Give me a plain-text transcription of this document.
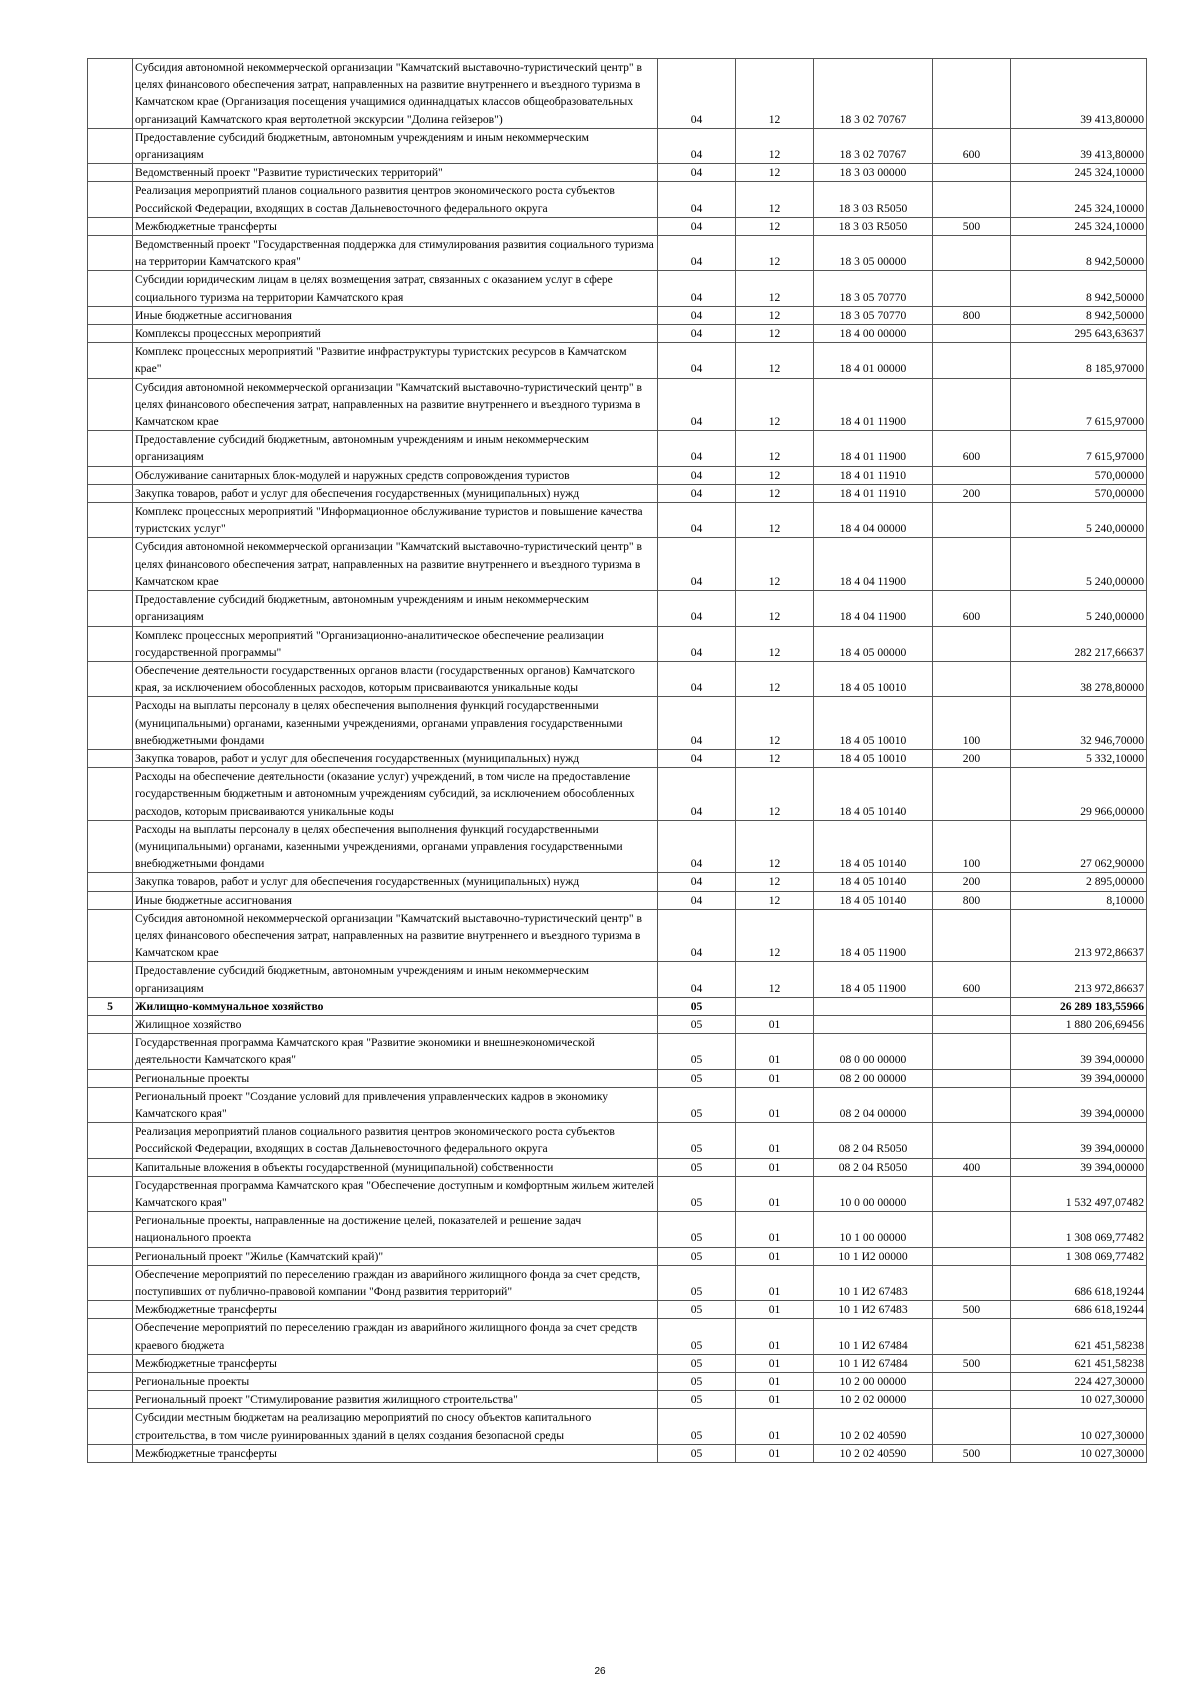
	Субсидия автономной некоммерческой организации "Камчатский выставочно-туристический центр" в целях финансового обеспечения затрат, направленных на развитие внутреннего и въездного туризма в Камчатском крае (Организация посещения учащимися одиннадцатых классов общеобразовательных организаций Камчатского края вертолетной экскурсии "Долина гейзеров")	04	12	18 3 02 70767		39 413,80000
	Предоставление субсидий бюджетным, автономным учреждениям и иным некоммерческим организациям	04	12	18 3 02 70767	600	39 413,80000
	Ведомственный проект "Развитие туристических территорий"	04	12	18 3 03 00000		245 324,10000
	Реализация мероприятий планов социального развития центров экономического роста субъектов Российской Федерации, входящих в состав Дальневосточного федерального округа	04	12	18 3 03 R5050		245 324,10000
	Межбюджетные трансферты	04	12	18 3 03 R5050	500	245 324,10000
	Ведомственный проект "Государственная поддержка для стимулирования развития социального туризма на территории Камчатского края"	04	12	18 3 05 00000		8 942,50000
	Субсидии юридическим лицам в целях возмещения затрат, связанных с оказанием услуг в сфере социального туризма на территории Камчатского края	04	12	18 3 05 70770		8 942,50000
	Иные бюджетные ассигнования	04	12	18 3 05 70770	800	8 942,50000
	Комплексы процессных мероприятий	04	12	18 4 00 00000		295 643,63637
	Комплекс процессных мероприятий "Развитие инфраструктуры туристских ресурсов в Камчатском крае"	04	12	18 4 01 00000		8 185,97000
	Субсидия автономной некоммерческой организации "Камчатский выставочно-туристический центр" в целях финансового обеспечения затрат, направленных на развитие внутреннего и въездного туризма в Камчатском крае	04	12	18 4 01 11900		7 615,97000
	Предоставление субсидий бюджетным, автономным учреждениям и иным некоммерческим организациям	04	12	18 4 01 11900	600	7 615,97000
	Обслуживание санитарных блок-модулей и наружных средств сопровождения туристов	04	12	18 4 01 11910		570,00000
	Закупка товаров, работ и услуг для обеспечения государственных (муниципальных) нужд	04	12	18 4 01 11910	200	570,00000
	Комплекс процессных мероприятий "Информационное обслуживание туристов и повышение качества туристских услуг"	04	12	18 4 04 00000		5 240,00000
	Субсидия автономной некоммерческой организации "Камчатский выставочно-туристический центр" в целях финансового обеспечения затрат, направленных на развитие внутреннего и въездного туризма в Камчатском крае	04	12	18 4 04 11900		5 240,00000
	Предоставление субсидий бюджетным, автономным учреждениям и иным некоммерческим организациям	04	12	18 4 04 11900	600	5 240,00000
	Комплекс процессных мероприятий "Организационно-аналитическое обеспечение реализации государственной программы"	04	12	18 4 05 00000		282 217,66637
	Обеспечение деятельности государственных органов власти (государственных органов) Камчатского края, за исключением обособленных расходов, которым присваиваются уникальные коды	04	12	18 4 05 10010		38 278,80000
	Расходы на выплаты персоналу в целях обеспечения выполнения функций государственными (муниципальными) органами, казенными учреждениями, органами управления государственными внебюджетными фондами	04	12	18 4 05 10010	100	32 946,70000
	Закупка товаров, работ и услуг для обеспечения государственных (муниципальных) нужд	04	12	18 4 05 10010	200	5 332,10000
	Расходы на обеспечение деятельности (оказание услуг) учреждений, в том числе на предоставление государственным бюджетным и автономным учреждениям субсидий, за исключением обособленных расходов, которым присваиваются уникальные коды	04	12	18 4 05 10140		29 966,00000
	Расходы на выплаты персоналу в целях обеспечения выполнения функций государственными (муниципальными) органами, казенными учреждениями, органами управления государственными внебюджетными фондами	04	12	18 4 05 10140	100	27 062,90000
	Закупка товаров, работ и услуг для обеспечения государственных (муниципальных) нужд	04	12	18 4 05 10140	200	2 895,00000
	Иные бюджетные ассигнования	04	12	18 4 05 10140	800	8,10000
	Субсидия автономной некоммерческой организации "Камчатский выставочно-туристический центр" в целях финансового обеспечения затрат, направленных на развитие внутреннего и въездного туризма в Камчатском крае	04	12	18 4 05 11900		213 972,86637
	Предоставление субсидий бюджетным, автономным учреждениям и иным некоммерческим организациям	04	12	18 4 05 11900	600	213 972,86637
5	Жилищно-коммунальное хозяйство	05				26 289 183,55966
	Жилищное хозяйство	05	01			1 880 206,69456
	Государственная программа Камчатского края "Развитие экономики и внешнеэкономической деятельности Камчатского края"	05	01	08 0 00 00000		39 394,00000
	Региональные проекты	05	01	08 2 00 00000		39 394,00000
	Региональный проект "Создание условий для привлечения управленческих кадров в экономику Камчатского края"	05	01	08 2 04 00000		39 394,00000
	Реализация мероприятий планов социального развития центров экономического роста субъектов Российской Федерации, входящих в состав Дальневосточного федерального округа	05	01	08 2 04 R5050		39 394,00000
	Капитальные вложения в объекты государственной (муниципальной) собственности	05	01	08 2 04 R5050	400	39 394,00000
	Государственная программа Камчатского края "Обеспечение доступным и комфортным жильем жителей Камчатского края"	05	01	10 0 00 00000		1 532 497,07482
	Региональные проекты, направленные на достижение целей, показателей и решение задач национального проекта	05	01	10 1 00 00000		1 308 069,77482
	Региональный проект "Жилье (Камчатский край)"	05	01	10 1 И2 00000		1 308 069,77482
	Обеспечение мероприятий по переселению граждан из аварийного жилищного фонда за счет средств, поступивших от публично-правовой компании "Фонд развития территорий"	05	01	10 1 И2 67483		686 618,19244
	Межбюджетные трансферты	05	01	10 1 И2 67483	500	686 618,19244
	Обеспечение мероприятий по переселению граждан из аварийного жилищного фонда за счет средств краевого бюджета	05	01	10 1 И2 67484		621 451,58238
	Межбюджетные трансферты	05	01	10 1 И2 67484	500	621 451,58238
	Региональные проекты	05	01	10 2 00 00000		224 427,30000
	Региональный проект "Стимулирование развития жилищного строительства"	05	01	10 2 02 00000		10 027,30000
	Субсидии местным бюджетам на реализацию мероприятий по сносу объектов капитального строительства, в том числе руинированных зданий в целях создания безопасной среды	05	01	10 2 02 40590		10 027,30000
	Межбюджетные трансферты	05	01	10 2 02 40590	500	10 027,30000
26
